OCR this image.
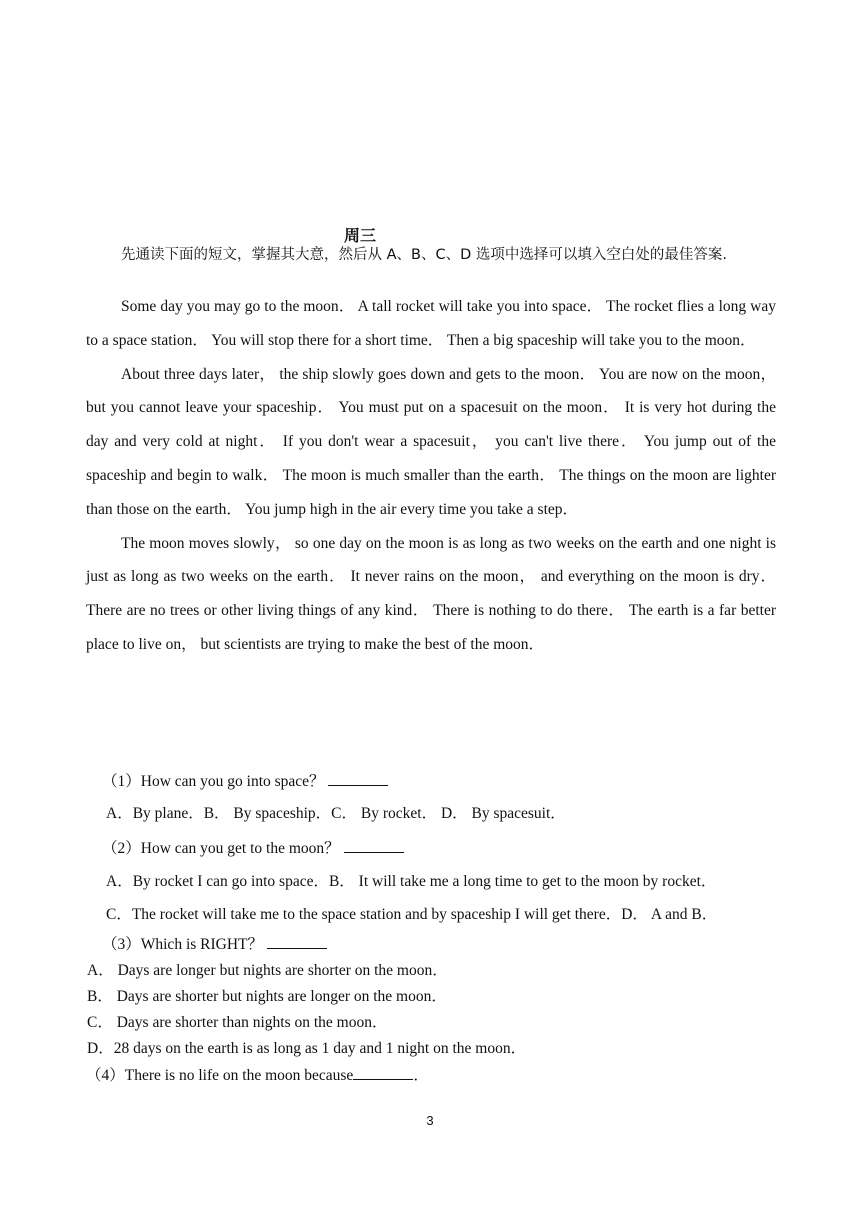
周三
先通读下面的短文，掌握其大意，然后从 A、B、C、D 选项中选择可以填入空白处的最佳答案.

Some day you may go to the moon． A tall rocket will take you into space． The rocket flies a long way to a space station． You will stop there for a short time． Then a big spaceship will take you to the moon．

About three days later， the ship slowly goes down and gets to the moon． You are now on the moon， but you cannot leave your spaceship． You must put on a spacesuit on the moon． It is very hot during the day and very cold at night． If you don't wear a spacesuit， you can't live there． You jump out of the spaceship and begin to walk． The moon is much smaller than the earth． The things on the moon are lighter than those on the earth． You jump high in the air every time you take a step．

The moon moves slowly， so one day on the moon is as long as two weeks on the earth and one night is just as long as two weeks on the earth． It never rains on the moon， and everything on the moon is dry． There are no trees or other living things of any kind． There is nothing to do there． The earth is a far better place to live on， but scientists are trying to make the best of the moon．

（1）How can you go into space？
A．By plane．B． By spaceship．C． By rocket． D． By spacesuit．
（2）How can you get to the moon？
A．By rocket I can go into space．B． It will take me a long time to get to the moon by rocket．
C．The rocket will take me to the space station and by spaceship I will get there．D． A and B．
（3）Which is RIGHT？
A． Days are longer but nights are shorter on the moon．
B． Days are shorter but nights are longer on the moon．
C． Days are shorter than nights on the moon．
D．28 days on the earth is as long as 1 day and 1 night on the moon．
（4）There is no life on the moon because	．
3
